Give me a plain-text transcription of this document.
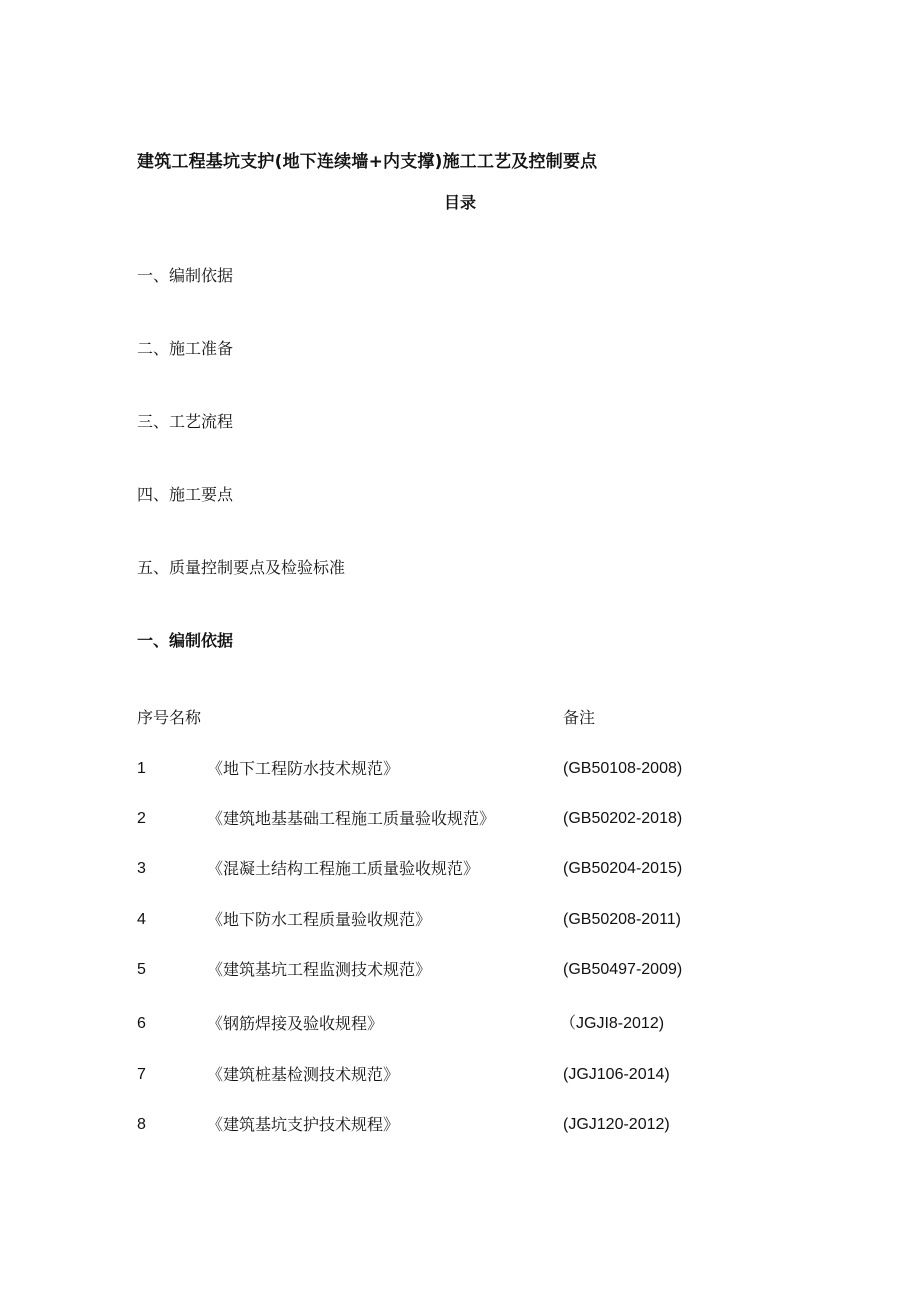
建筑工程基坑支护(地下连续墙+内支撑)施工工艺及控制要点
目录
一、编制依据
二、施工准备
三、工艺流程
四、施工要点
五、质量控制要点及检验标准
一、编制依据
序号名称	备注
1	《地下工程防水技术规范》	(GB50108-2008)
2	《建筑地基基础工程施工质量验收规范》	(GB50202-2018)
3	《混凝土结构工程施工质量验收规范》	(GB50204-2015)
4	《地下防水工程质量验收规范》	(GB50208-2011)
5	《建筑基坑工程监测技术规范》	(GB50497-2009)
6	《钢筋焊接及验收规程》	（JGJI8-2012)
7	《建筑桩基检测技术规范》	(JGJ106-2014)
8	《建筑基坑支护技术规程》	(JGJ120-2012)
